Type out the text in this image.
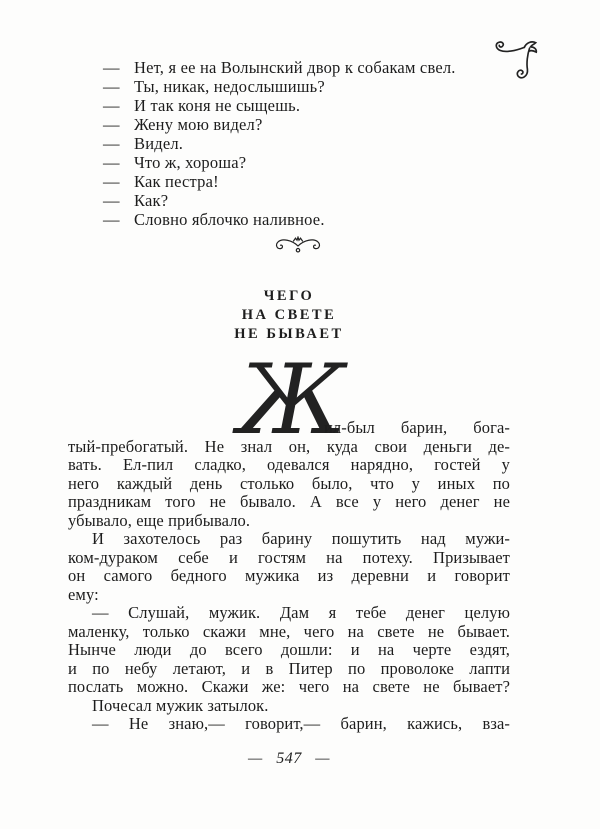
— Нет, я ее на Волынский двор к собакам свел.
— Ты, никак, недослышишь?
— И так коня не сыщешь.
— Жену мою видел?
— Видел.
— Что ж, хороша?
— Как пестра!
— Как?
— Словно яблочко наливное.
ЧЕГО
НА СВЕТЕ
НЕ БЫВАЕТ
Ж
ил-был барин, бога-
тый-пребогатый. Не знал он, куда свои деньги де-
вать. Ел-пил сладко, одевался нарядно, гостей у
него каждый день столько было, что у иных по
праздникам того не бывало. А все у него денег не
убывало, еще прибывало.
И захотелось раз барину пошутить над мужи-
ком-дураком себе и гостям на потеху. Призывает
он самого бедного мужика из деревни и говорит
ему:
— Слушай, мужик. Дам я тебе денег целую
маленку, только скажи мне, чего на свете не бывает.
Нынче люди до всего дошли: и на черте ездят,
и по небу летают, и в Питер по проволоке лапти
послать можно. Скажи же: чего на свете не бывает?
Почесал мужик затылок.
— Не знаю,— говорит,— барин, кажись, вза-
— 547 —
